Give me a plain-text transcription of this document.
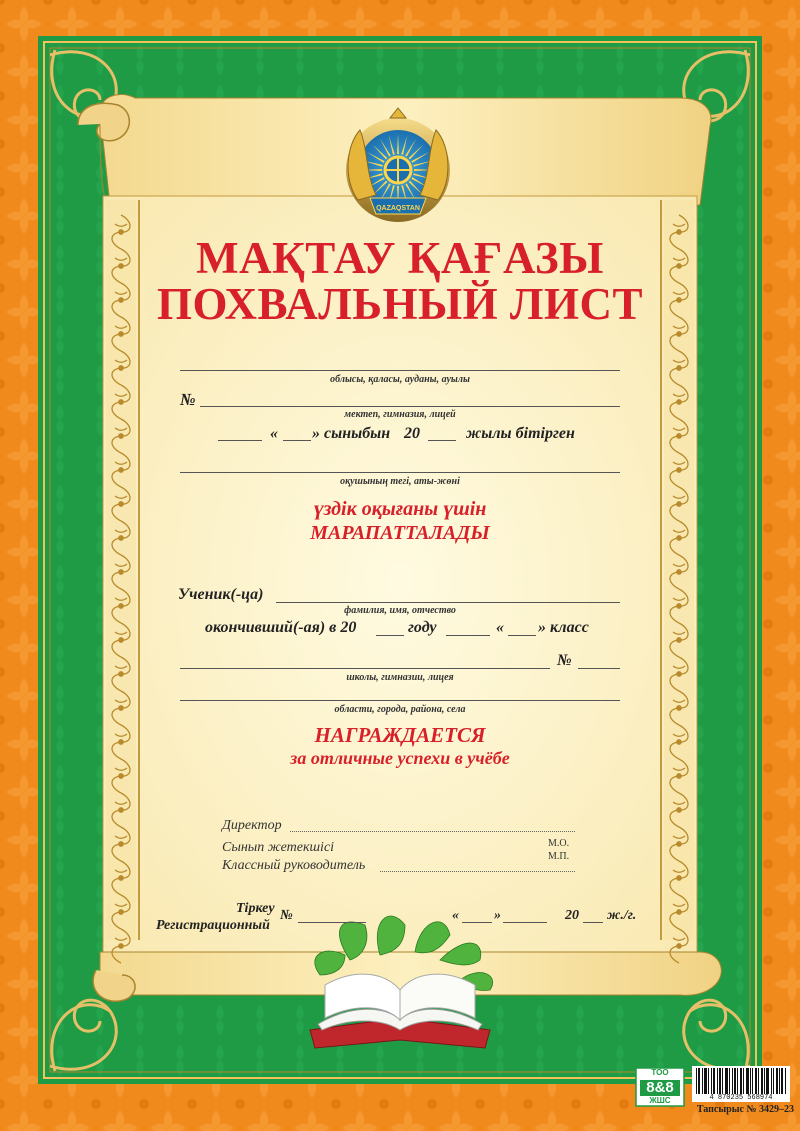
QAZAQSTAN
МАҚТАУ ҚАҒАЗЫ
ПОХВАЛЬНЫЙ ЛИСТ
облысы, қаласы, ауданы, ауылы
№
мектеп, гимназия, лицей
« » сыныбын 20	жылы бітірген
оқушының тегі, аты-жөні
үздік оқығаны үшін
МАРАПАТТАЛАДЫ
Ученик(-ца)
фамилия, имя, отчество
окончивший(-ая) в 20	году	« » класс
№
школы, гимназии, лицея
области, города, района, села
НАГРАЖДАЕТСЯ
за отличные успехи в учёбе
Директор
Сынып жетекшісі	М.О.
М.П.
Классный руководитель
Тіркеу
Регистрационный
№	«	»	20 ж./г.
ТОО
8&8
ЖШС	4 870235 568974
Тапсырыс № 3429–23
